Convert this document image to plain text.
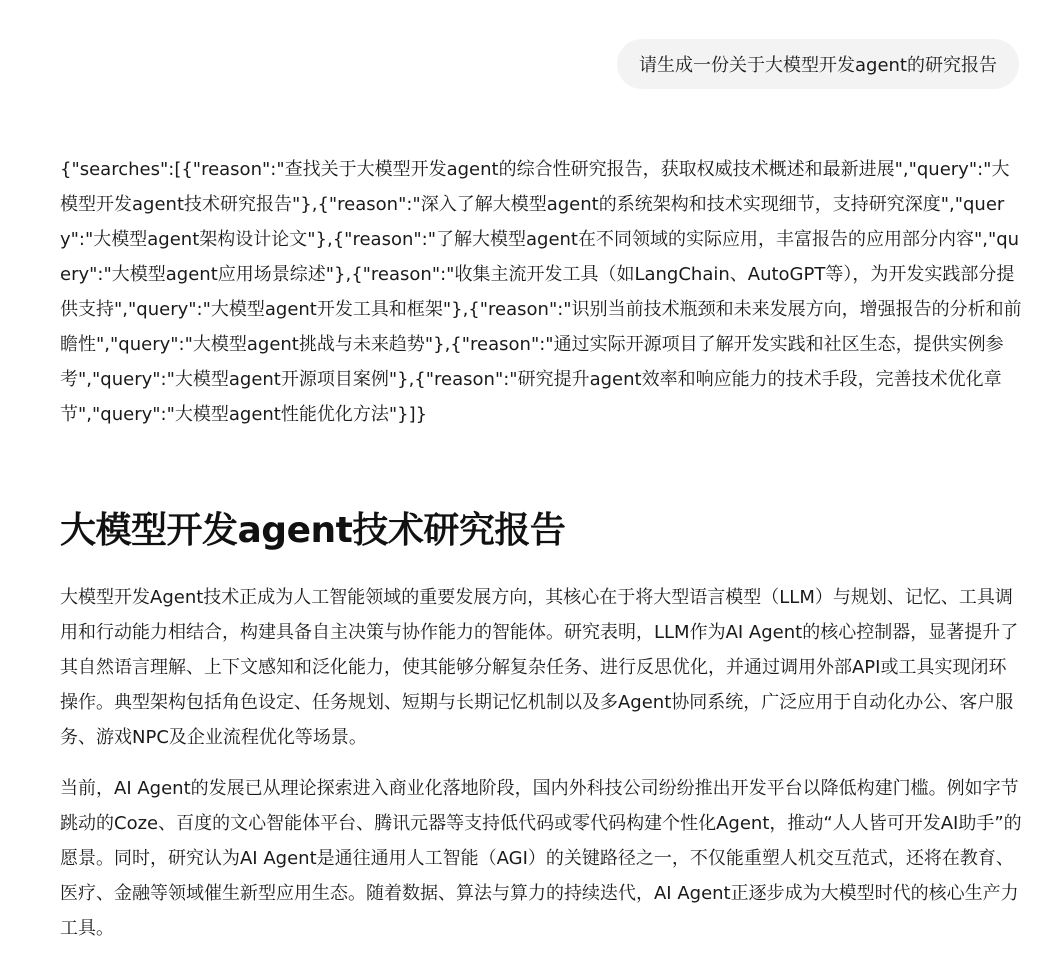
请生成一份关于大模型开发agent的研究报告

{"searches":[{"reason":"查找关于大模型开发agent的综合性研究报告，获取权威技术概述和最新进展","query":"大模型开发agent技术研究报告"},{"reason":"深入了解大模型agent的系统架构和技术实现细节，支持研究深度","query":"大模型agent架构设计论文"},{"reason":"了解大模型agent在不同领域的实际应用，丰富报告的应用部分内容","query":"大模型agent应用场景综述"},{"reason":"收集主流开发工具（如LangChain、AutoGPT等），为开发实践部分提供支持","query":"大模型agent开发工具和框架"},{"reason":"识别当前技术瓶颈和未来发展方向，增强报告的分析和前瞻性","query":"大模型agent挑战与未来趋势"},{"reason":"通过实际开源项目了解开发实践和社区生态，提供实例参考","query":"大模型agent开源项目案例"},{"reason":"研究提升agent效率和响应能力的技术手段，完善技术优化章节","query":"大模型agent性能优化方法"}]}

大模型开发agent技术研究报告

大模型开发Agent技术正成为人工智能领域的重要发展方向，其核心在于将大型语言模型（LLM）与规划、记忆、工具调用和行动能力相结合，构建具备自主决策与协作能力的智能体。研究表明，LLM作为AI Agent的核心控制器，显著提升了其自然语言理解、上下文感知和泛化能力，使其能够分解复杂任务、进行反思优化，并通过调用外部API或工具实现闭环操作。典型架构包括角色设定、任务规划、短期与长期记忆机制以及多Agent协同系统，广泛应用于自动化办公、客户服务、游戏NPC及企业流程优化等场景。

当前，AI Agent的发展已从理论探索进入商业化落地阶段，国内外科技公司纷纷推出开发平台以降低构建门槛。例如字节跳动的Coze、百度的文心智能体平台、腾讯元器等支持低代码或零代码构建个性化Agent，推动“人人皆可开发AI助手”的愿景。同时，研究认为AI Agent是通往通用人工智能（AGI）的关键路径之一，不仅能重塑人机交互范式，还将在教育、医疗、金融等领域催生新型应用生态。随着数据、算法与算力的持续迭代，AI Agent正逐步成为大模型时代的核心生产力工具。
